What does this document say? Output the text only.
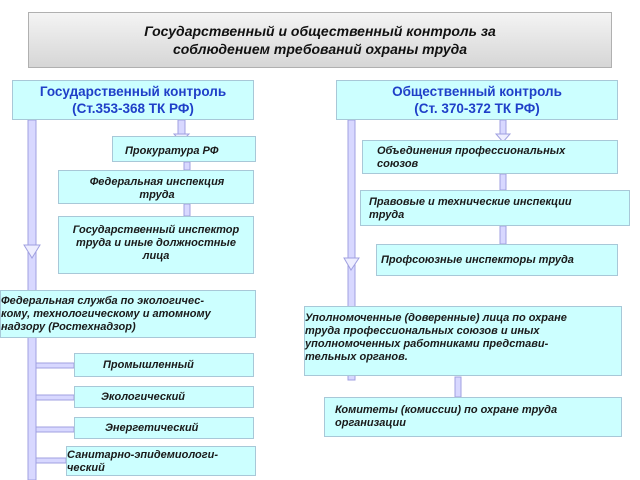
Государственный и общественный контроль за
соблюдением требований охраны труда
Государственный контроль
(Ст.353-368 ТК РФ)
Общественный контроль
(Ст. 370-372 ТК РФ)
Прокуратура РФ
Федеральная инспекция
труда
Государственный инспектор
труда и иные должностные
лица
Федеральная служба по экологичес-
кому, технологическому и атомному
надзору (Ростехнадзор)
Промышленный
Экологический
Энергетический
Санитарно-эпидемиологи-
ческий
Объединения профессиональных
союзов
Правовые и технические инспекции
труда
Профсоюзные инспекторы труда
Уполномоченные (доверенные) лица по охране
труда профессиональных союзов и иных
уполномоченных работниками представи-
тельных органов.
Комитеты (комиссии) по охране труда
организации
